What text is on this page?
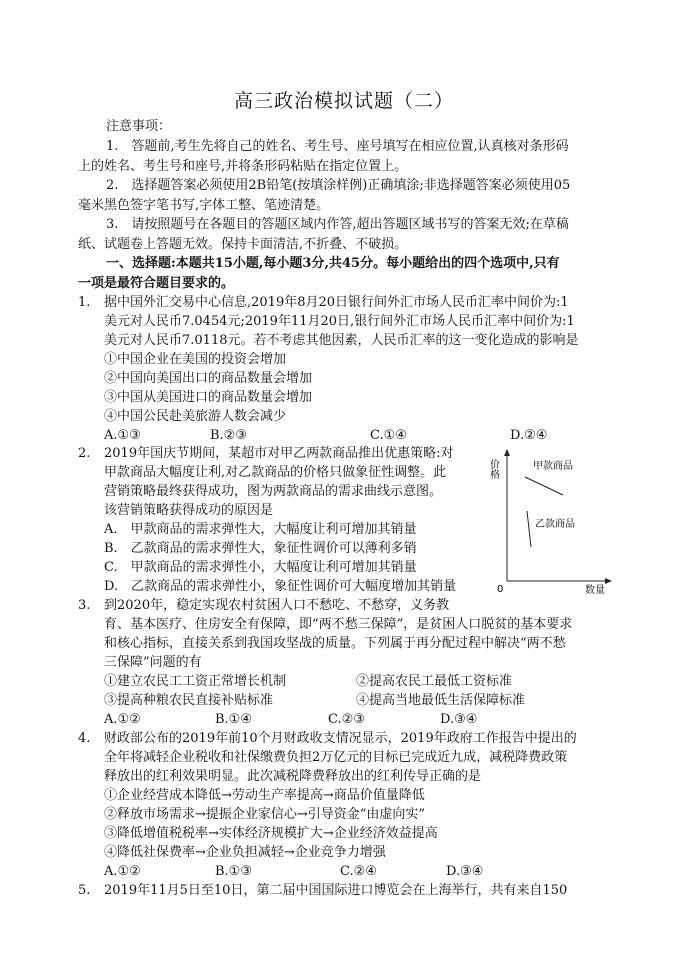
高三政治模拟试题（二）
注意事项：
1.　答题前,考生先将自己的姓名、考生号、座号填写在相应位置,认真核对条形码
上的姓名、考生号和座号,并将条形码粘贴在指定位置上。
2.　选择题答案必须使用2B铅笔(按填涂样例)正确填涂;非选择题答案必须使用05
毫米黑色签字笔书写,字体工整、笔迹清楚。
3.　请按照题号在各题目的答题区域内作答,超出答题区域书写的答案无效;在草稿
纸、试题卷上答题无效。保持卡面清洁,不折叠、不破损。
一、选择题:本题共15小题,每小题3分,共45分。每小题给出的四个选项中,只有
一项是最符合题目要求的。
1. 据中国外汇交易中心信息,2019年8月20日银行间外汇市场人民币汇率中间价为:1
美元对人民币7.0454元;2019年11月20日,银行间外汇市场人民币汇率中间价为:1
美元对人民币7.0118元。若不考虑其他因素，人民币汇率的这一变化造成的影响是
①中国企业在美国的投资会增加
②中国向美国出口的商品数量会增加
③中国从美国进口的商品数量会增加
④中国公民赴美旅游人数会减少
A.①③	B.②③	C.①④	D.②④
2. 2019年国庆节期间，某超市对甲乙两款商品推出优惠策略:对
甲款商品大幅度让利,对乙款商品的价格只做象征性调整。此
营销策略最终获得成功，图为两款商品的需求曲线示意图。
该营销策略获得成功的原因是
A.　甲款商品的需求弹性大，大幅度让利可增加其销量
B.　乙款商品的需求弹性大，象征性调价可以薄利多销
C.　甲款商品的需求弹性小，大幅度让利可增加其销量
D.　乙款商品的需求弹性小，象征性调价可大幅度增加其销量
价格
0	数量
甲款商品
乙款商品
3. 到2020年，稳定实现农村贫困人口不愁吃、不愁穿，义务教
育、基本医疗、住房安全有保障，即“两不愁三保障”，是贫困人口脱贫的基本要求
和核心指标，直接关系到我国攻坚战的质量。下列属于再分配过程中解决“两不愁
三保障”问题的有
①建立农民工工资正常增长机制	②提高农民工最低工资标准
③提高种粮农民直接补贴标准	④提高当地最低生活保障标准
A.①②	B.①④	C.②③	D.③④
4. 财政部公布的2019年前10个月财政收支情况显示，2019年政府工作报告中提出的
全年将减轻企业税收和社保缴费负担2万亿元的目标已完成近九成，减税降费政策
释放出的红利效果明显。此次减税降费释放出的红利传导正确的是
①企业经营成本降低→劳动生产率提高→商品价值量降低
②释放市场需求→提振企业家信心→引导资金“由虚向实”
③降低增值税税率→实体经济规模扩大→企业经济效益提高
④降低社保费率→企业负担减轻→企业竞争力增强
A.①②	B.①③	C.②④	D.③④
5. 2019年11月5日至10日，第二届中国国际进口博览会在上海举行，共有来自150
